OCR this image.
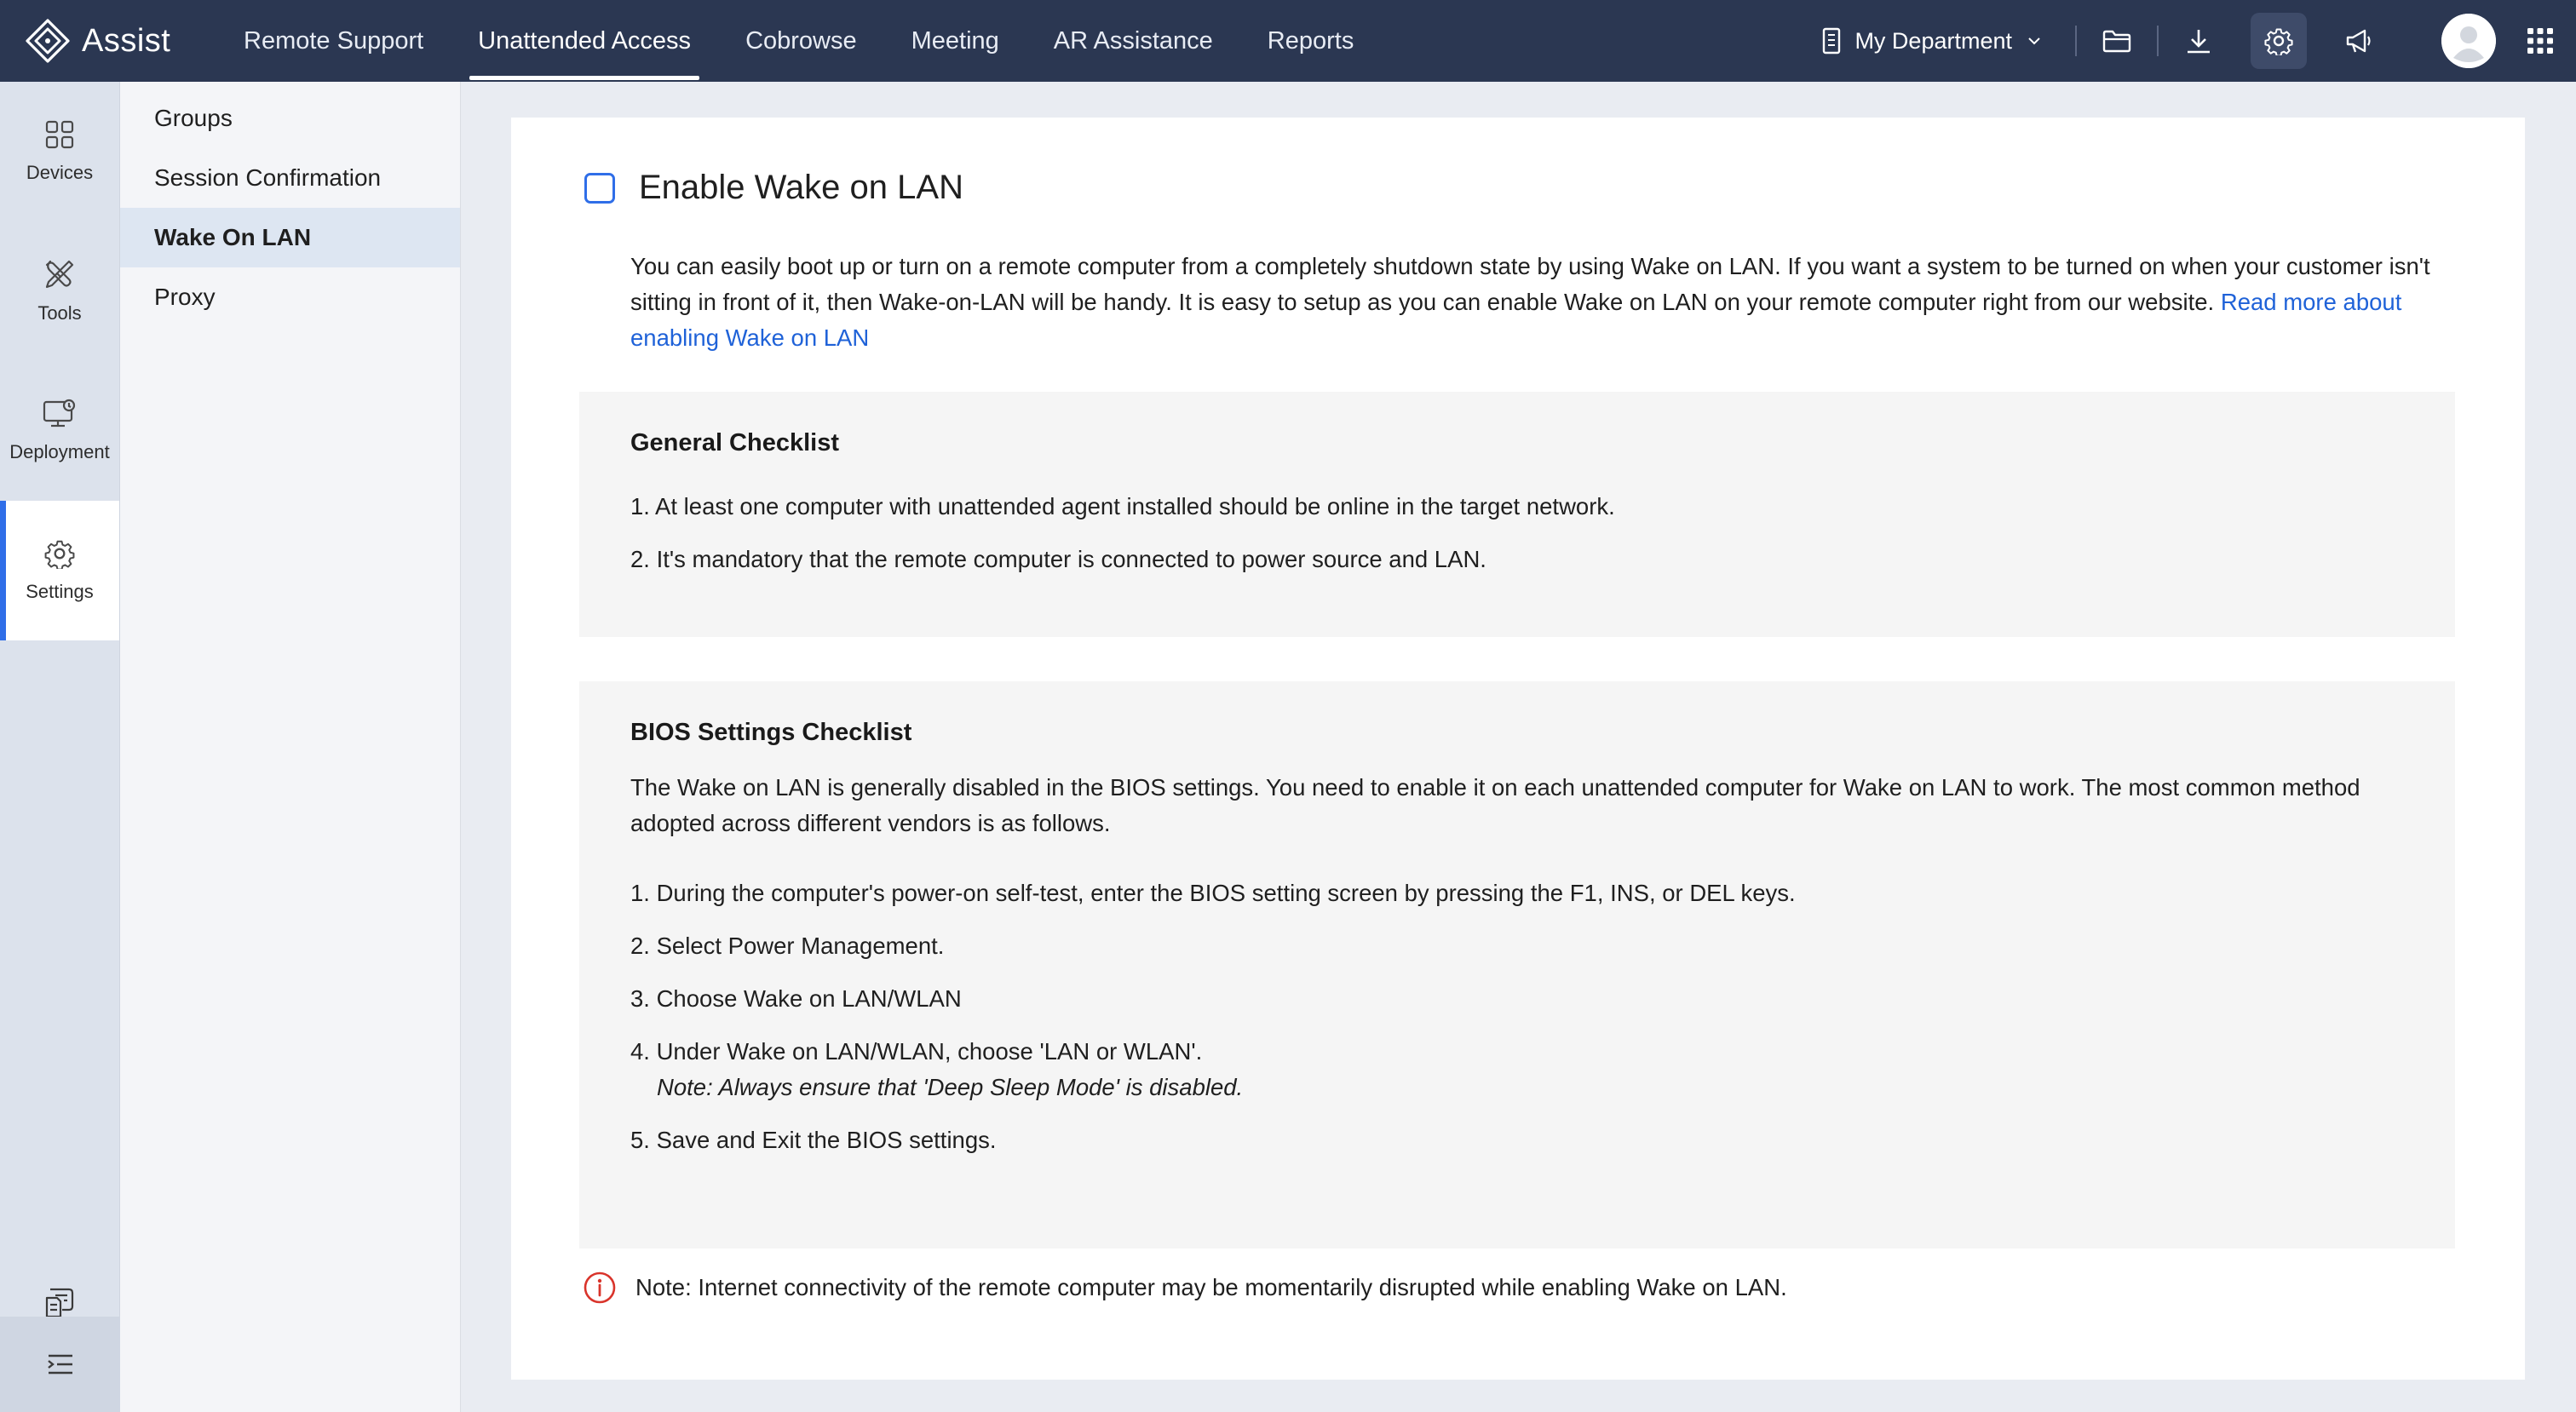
Assist	Remote Support	Unattended Access	Cobrowse	Meeting	AR Assistance	Reports	My Department
Devices
Tools
Deployment
Settings
Groups
Session Confirmation
Wake On LAN
Proxy
Enable Wake on LAN
You can easily boot up or turn on a remote computer from a completely shutdown state by using Wake on LAN. If you want a system to be turned on when your customer isn't sitting in front of it, then Wake-on-LAN will be handy. It is easy to setup as you can enable Wake on LAN on your remote computer right from our website. Read more about enabling Wake on LAN
General Checklist
1. At least one computer with unattended agent installed should be online in the target network.
2. It's mandatory that the remote computer is connected to power source and LAN.
BIOS Settings Checklist
The Wake on LAN is generally disabled in the BIOS settings. You need to enable it on each unattended computer for Wake on LAN to work. The most common method adopted across different vendors is as follows.
1. During the computer's power-on self-test, enter the BIOS setting screen by pressing the F1, INS, or DEL keys.
2. Select Power Management.
3. Choose Wake on LAN/WLAN
4. Under Wake on LAN/WLAN, choose 'LAN or WLAN'.
Note: Always ensure that 'Deep Sleep Mode' is disabled.
5. Save and Exit the BIOS settings.
Note: Internet connectivity of the remote computer may be momentarily disrupted while enabling Wake on LAN.
